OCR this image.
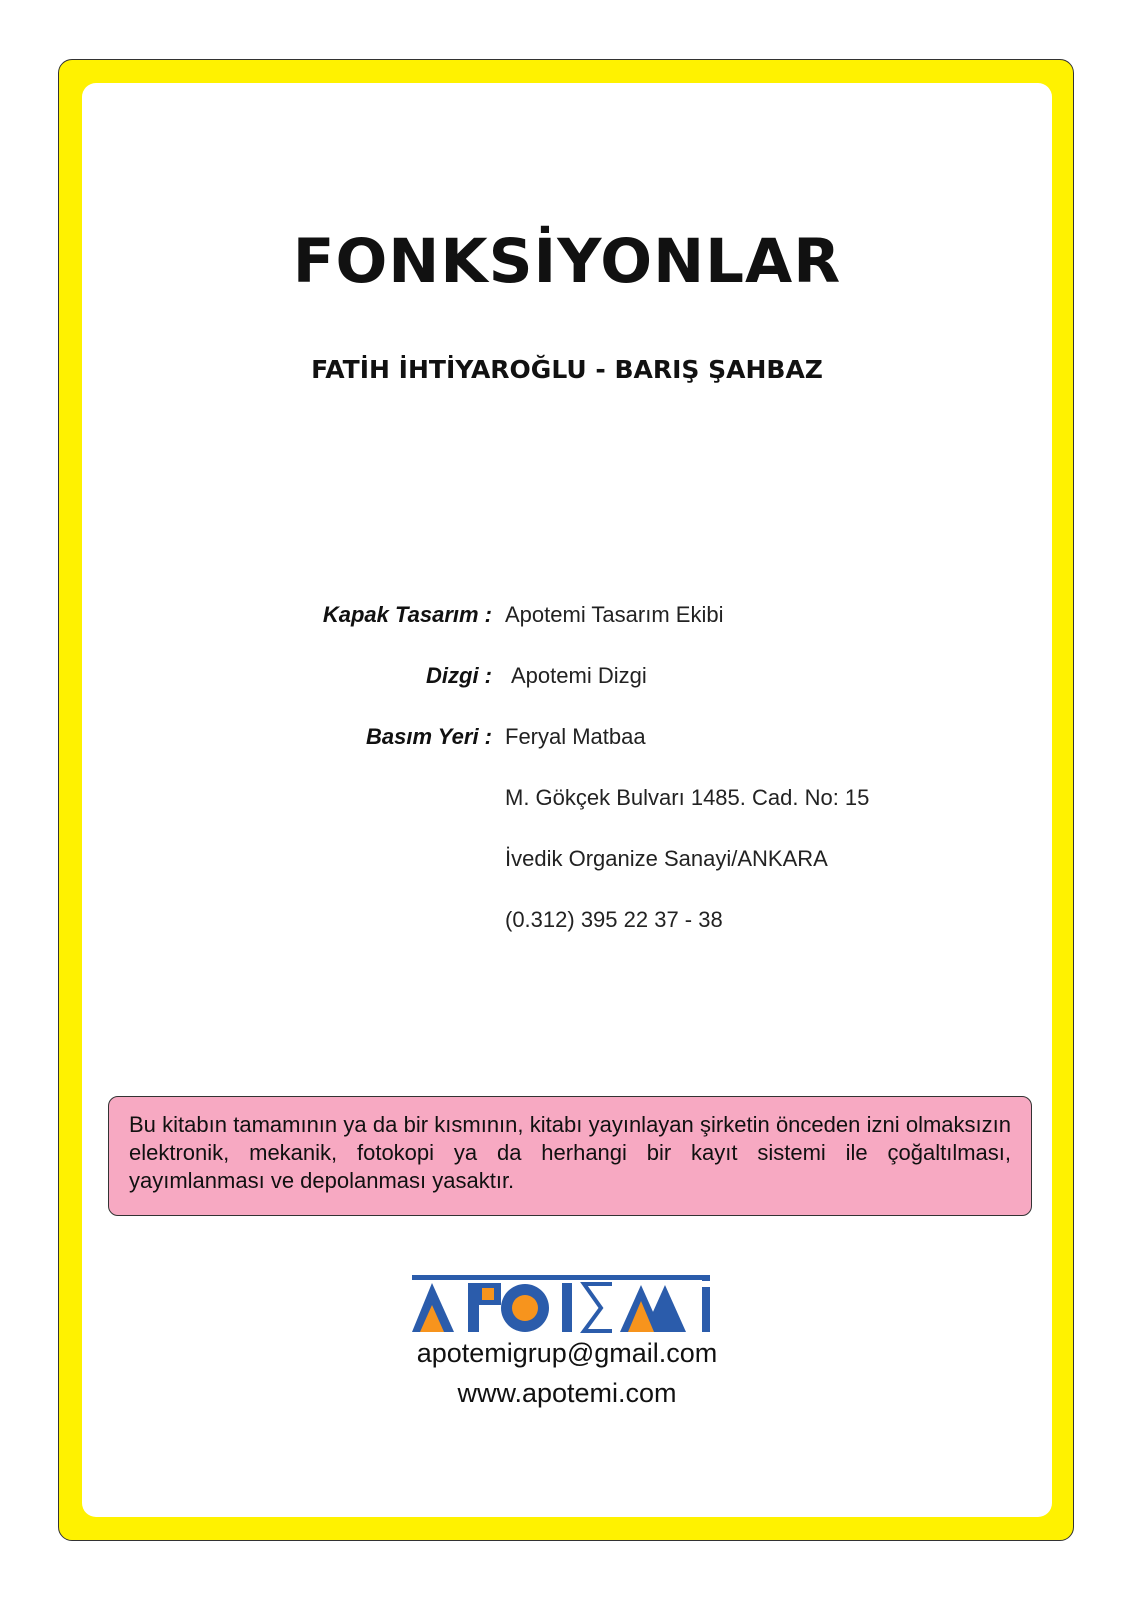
FONKSİYONLAR
FATİH İHTİYAROĞLU - BARIŞ ŞAHBAZ
Kapak Tasarım : Apotemi Tasarım Ekibi
Dizgi : Apotemi Dizgi
Basım Yeri : Feryal Matbaa
M. Gökçek Bulvarı 1485. Cad. No: 15
İvedik Organize Sanayi/ANKARA
(0.312) 395 22 37 - 38
Bu kitabın tamamının ya da bir kısmının, kitabı yayınlayan şirketin önceden izni olmaksızın elektronik, mekanik, fotokopi ya da herhangi bir kayıt sistemi ile çoğaltılması, yayımlanması ve depolanması yasaktır.
apotemigrup@gmail.com
www.apotemi.com
